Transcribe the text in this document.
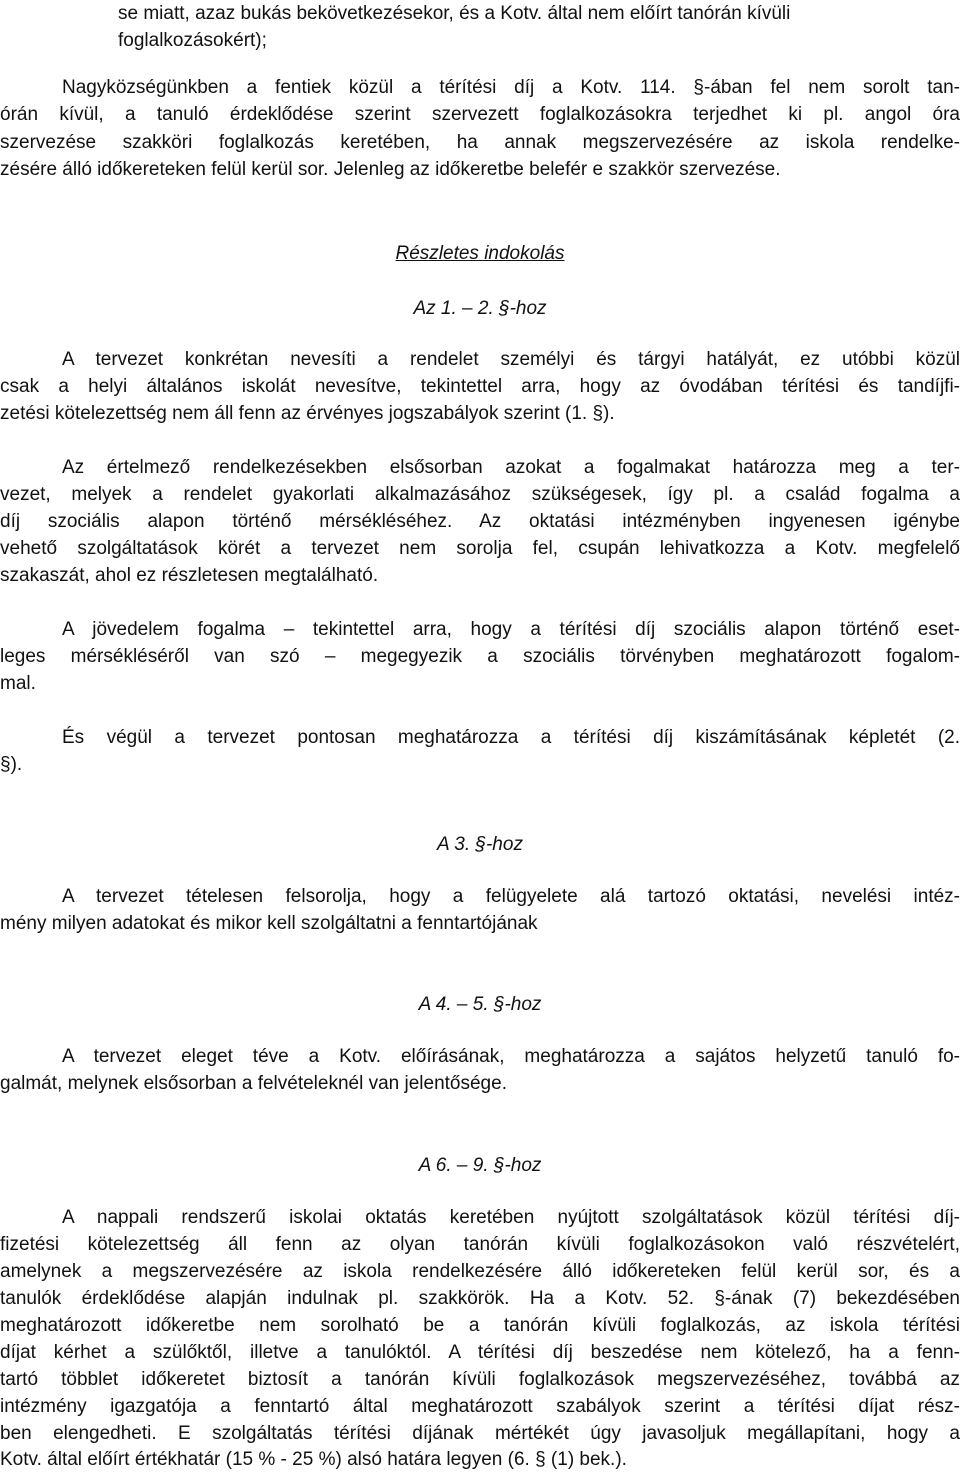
se miatt, azaz bukás bekövetkezésekor, és a Kotv. által nem előírt tanórán kívüli
foglalkozásokért);
Nagyközségünkben a fentiek közül a térítési díj a Kotv. 114. §-ában fel nem sorolt tan-
órán kívül, a tanuló érdeklődése szerint szervezett foglalkozásokra terjedhet ki pl. angol óra
szervezése szakköri foglalkozás keretében, ha annak megszervezésére az iskola rendelke-
zésére álló időkereteken felül kerül sor. Jelenleg az időkeretbe belefér e szakkör szervezése.
Részletes indokolás
Az 1. – 2. §-hoz
A tervezet konkrétan nevesíti a rendelet személyi és tárgyi hatályát, ez utóbbi közül
csak a helyi általános iskolát nevesítve, tekintettel arra, hogy az óvodában térítési és tandíjfi-
zetési kötelezettség nem áll fenn az érvényes jogszabályok szerint (1. §).
Az értelmező rendelkezésekben elsősorban azokat a fogalmakat határozza meg a ter-
vezet, melyek a rendelet gyakorlati alkalmazásához szükségesek, így pl. a család fogalma a
díj szociális alapon történő mérsékléséhez. Az oktatási intézményben ingyenesen igénybe
vehető szolgáltatások körét a tervezet nem sorolja fel, csupán lehivatkozza a Kotv. megfelelő
szakaszát, ahol ez részletesen megtalálható.
A jövedelem fogalma – tekintettel arra, hogy a térítési díj szociális alapon történő eset-
leges mérsékléséről van szó – megegyezik a szociális törvényben meghatározott fogalom-
mal.
És végül a tervezet pontosan meghatározza a térítési díj kiszámításának képletét (2.
§).
A 3. §-hoz
A tervezet tételesen felsorolja, hogy a felügyelete alá tartozó oktatási, nevelési intéz-
mény milyen adatokat és mikor kell szolgáltatni a fenntartójának
A 4. – 5. §-hoz
A tervezet eleget téve a Kotv. előírásának, meghatározza a sajátos helyzetű tanuló fo-
galmát, melynek elsősorban a felvételeknél van jelentősége.
A 6. – 9. §-hoz
A nappali rendszerű iskolai oktatás keretében nyújtott szolgáltatások közül térítési díj-
fizetési kötelezettség áll fenn az olyan tanórán kívüli foglalkozásokon való részvételért,
amelynek a megszervezésére az iskola rendelkezésére álló időkereteken felül kerül sor, és a
tanulók érdeklődése alapján indulnak pl. szakkörök. Ha a Kotv. 52. §-ának (7) bekezdésében
meghatározott időkeretbe nem sorolható be a tanórán kívüli foglalkozás, az iskola térítési
díjat kérhet a szülőktől, illetve a tanulóktól. A térítési díj beszedése nem kötelező, ha a fenn-
tartó többlet időkeretet biztosít a tanórán kívüli foglalkozások megszervezéséhez, továbbá az
intézmény igazgatója a fenntartó által meghatározott szabályok szerint a térítési díjat rész-
ben elengedheti. E szolgáltatás térítési díjának mértékét úgy javasoljuk megállapítani, hogy a
Kotv. által előírt értékhatár (15 % - 25 %) alsó határa legyen (6. § (1) bek.).
